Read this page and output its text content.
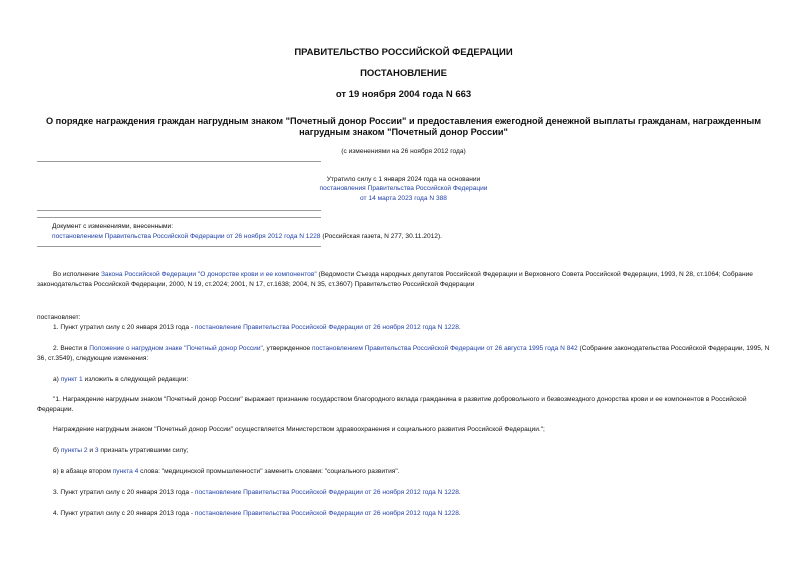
ПРАВИТЕЛЬСТВО РОССИЙСКОЙ ФЕДЕРАЦИИ
ПОСТАНОВЛЕНИЕ
от 19 ноября 2004 года N 663
О порядке награждения граждан нагрудным знаком "Почетный донор России" и предоставления ежегодной денежной выплаты гражданам, награжденным
нагрудным знаком "Почетный донор России"
(с изменениями на 26 ноября 2012 года)
Утратило силу с 1 января 2024 года на основании
постановления Правительства Российской Федерации
от 14 марта 2023 года N 388
Документ с изменениями, внесенными:
постановлением Правительства Российской Федерации от 26 ноября 2012 года N 1228 (Российская газета, N 277, 30.11.2012).
Во исполнение Закона Российской Федерации "О донорстве крови и ее компонентов" (Ведомости Съезда народных депутатов Российской Федерации и Верховного Совета Российской Федерации, 1993, N 28, ст.1064; Собрание законодательства Российской Федерации, 2000, N 19, ст.2024; 2001, N 17, ст.1638; 2004, N 35, ст.3607) Правительство Российской Федерации
постановляет:
1. Пункт утратил силу с 20 января 2013 года - постановление Правительства Российской Федерации от 26 ноября 2012 года N 1228.
2. Внести в Положение о нагрудном знаке "Почетный донор России", утвержденное постановлением Правительства Российской Федерации от 26 августа 1995 года N 842 (Собрание законодательства Российской Федерации, 1995, N 36, ст.3549), следующие изменения:
а) пункт 1 изложить в следующей редакции:
"1. Награждение нагрудным знаком "Почетный донор России" выражает признание государством благородного вклада гражданина в развитие добровольного и безвозмездного донорства крови и ее компонентов в Российской Федерации.
Награждение нагрудным знаком "Почетный донор России" осуществляется Министерством здравоохранения и социального развития Российской Федерации.";
б) пункты 2 и 3 признать утратившими силу;
в) в абзаце втором пункта 4 слова: "медицинской промышленности" заменить словами: "социального развития".
3. Пункт утратил силу с 20 января 2013 года - постановление Правительства Российской Федерации от 26 ноября 2012 года N 1228.
4. Пункт утратил силу с 20 января 2013 года - постановление Правительства Российской Федерации от 26 ноября 2012 года N 1228.
